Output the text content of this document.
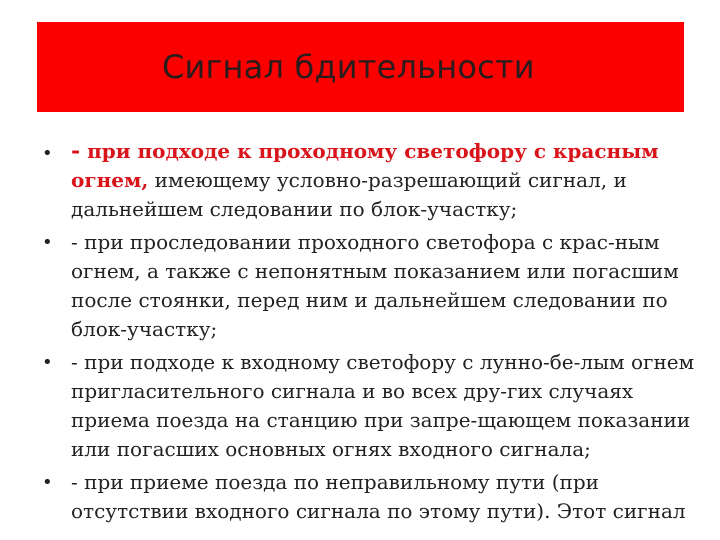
Сигнал бдительности
• - при подходе к проходному светофору с красным огнем, имеющему условно-разрешающий сигнал, и дальнейшем следовании по блок-участку;
• - при проследовании проходного светофора с крас-ным огнем, а также с непонятным показанием или погасшим после стоянки, перед ним и дальнейшем следовании по блок-участку;
• - при подходе к входному светофору с лунно-бе-лым огнем пригласительного сигнала и во всех дру-гих случаях приема поезда на станцию при запре-щающем показании или погасших основных огнях входного сигнала;
• - при приеме поезда по неправильному пути (при отсутствии входного сигнала по этому пути). Этот сигнал
